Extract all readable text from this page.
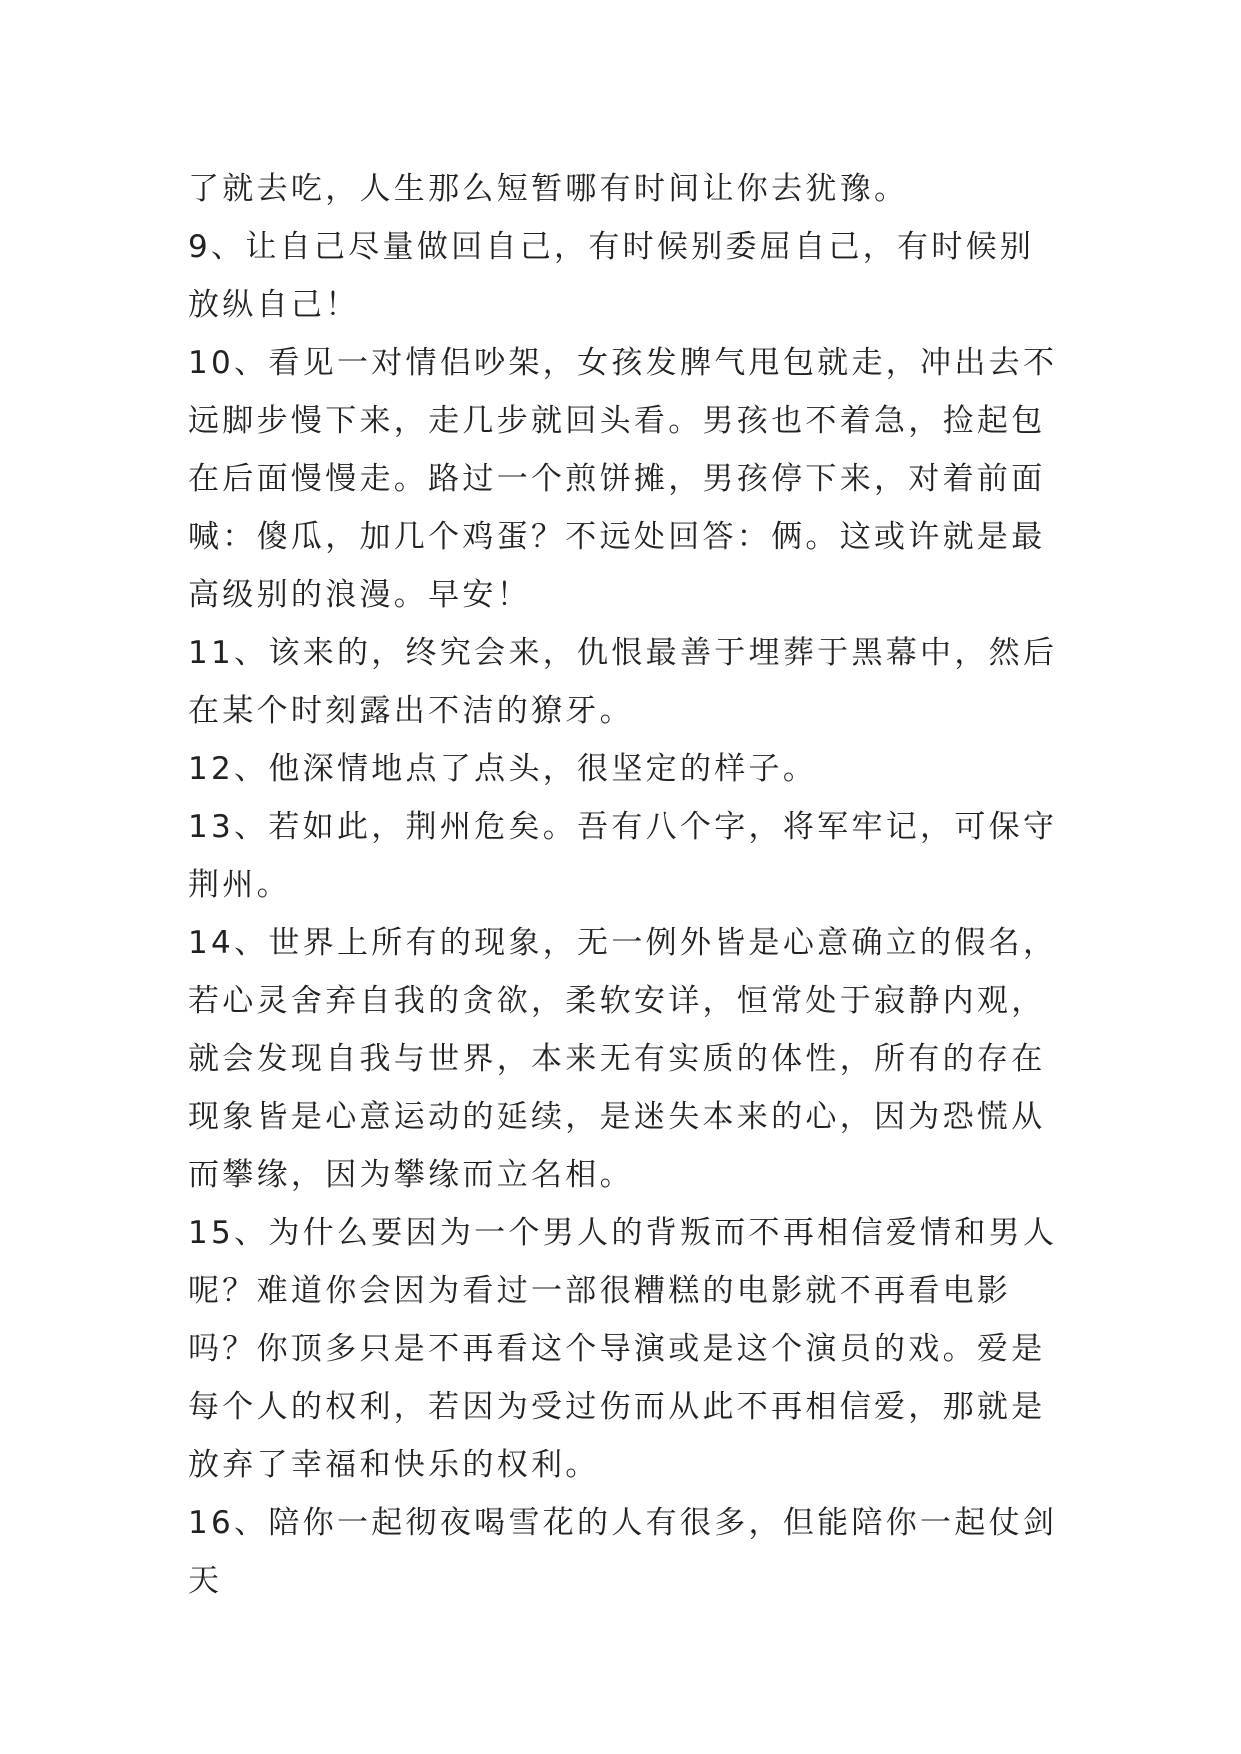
了就去吃，人生那么短暂哪有时间让你去犹豫。

9、让自己尽量做回自己，有时候别委屈自己，有时候别放纵自己！

10、看见一对情侣吵架，女孩发脾气甩包就走，冲出去不远脚步慢下来，走几步就回头看。男孩也不着急，捡起包在后面慢慢走。路过一个煎饼摊，男孩停下来，对着前面喊：傻瓜，加几个鸡蛋？不远处回答：俩。这或许就是最高级别的浪漫。早安！

11、该来的，终究会来，仇恨最善于埋葬于黑幕中，然后在某个时刻露出不洁的獠牙。

12、他深情地点了点头，很坚定的样子。

13、若如此，荆州危矣。吾有八个字，将军牢记，可保守荆州。

14、世界上所有的现象，无一例外皆是心意确立的假名，若心灵舍弃自我的贪欲，柔软安详，恒常处于寂静内观，就会发现自我与世界，本来无有实质的体性，所有的存在现象皆是心意运动的延续，是迷失本来的心，因为恐慌从而攀缘，因为攀缘而立名相。

15、为什么要因为一个男人的背叛而不再相信爱情和男人呢？难道你会因为看过一部很糟糕的电影就不再看电影吗？你顶多只是不再看这个导演或是这个演员的戏。爱是每个人的权利，若因为受过伤而从此不再相信爱，那就是放弃了幸福和快乐的权利。

16、陪你一起彻夜喝雪花的人有很多，但能陪你一起仗剑天
